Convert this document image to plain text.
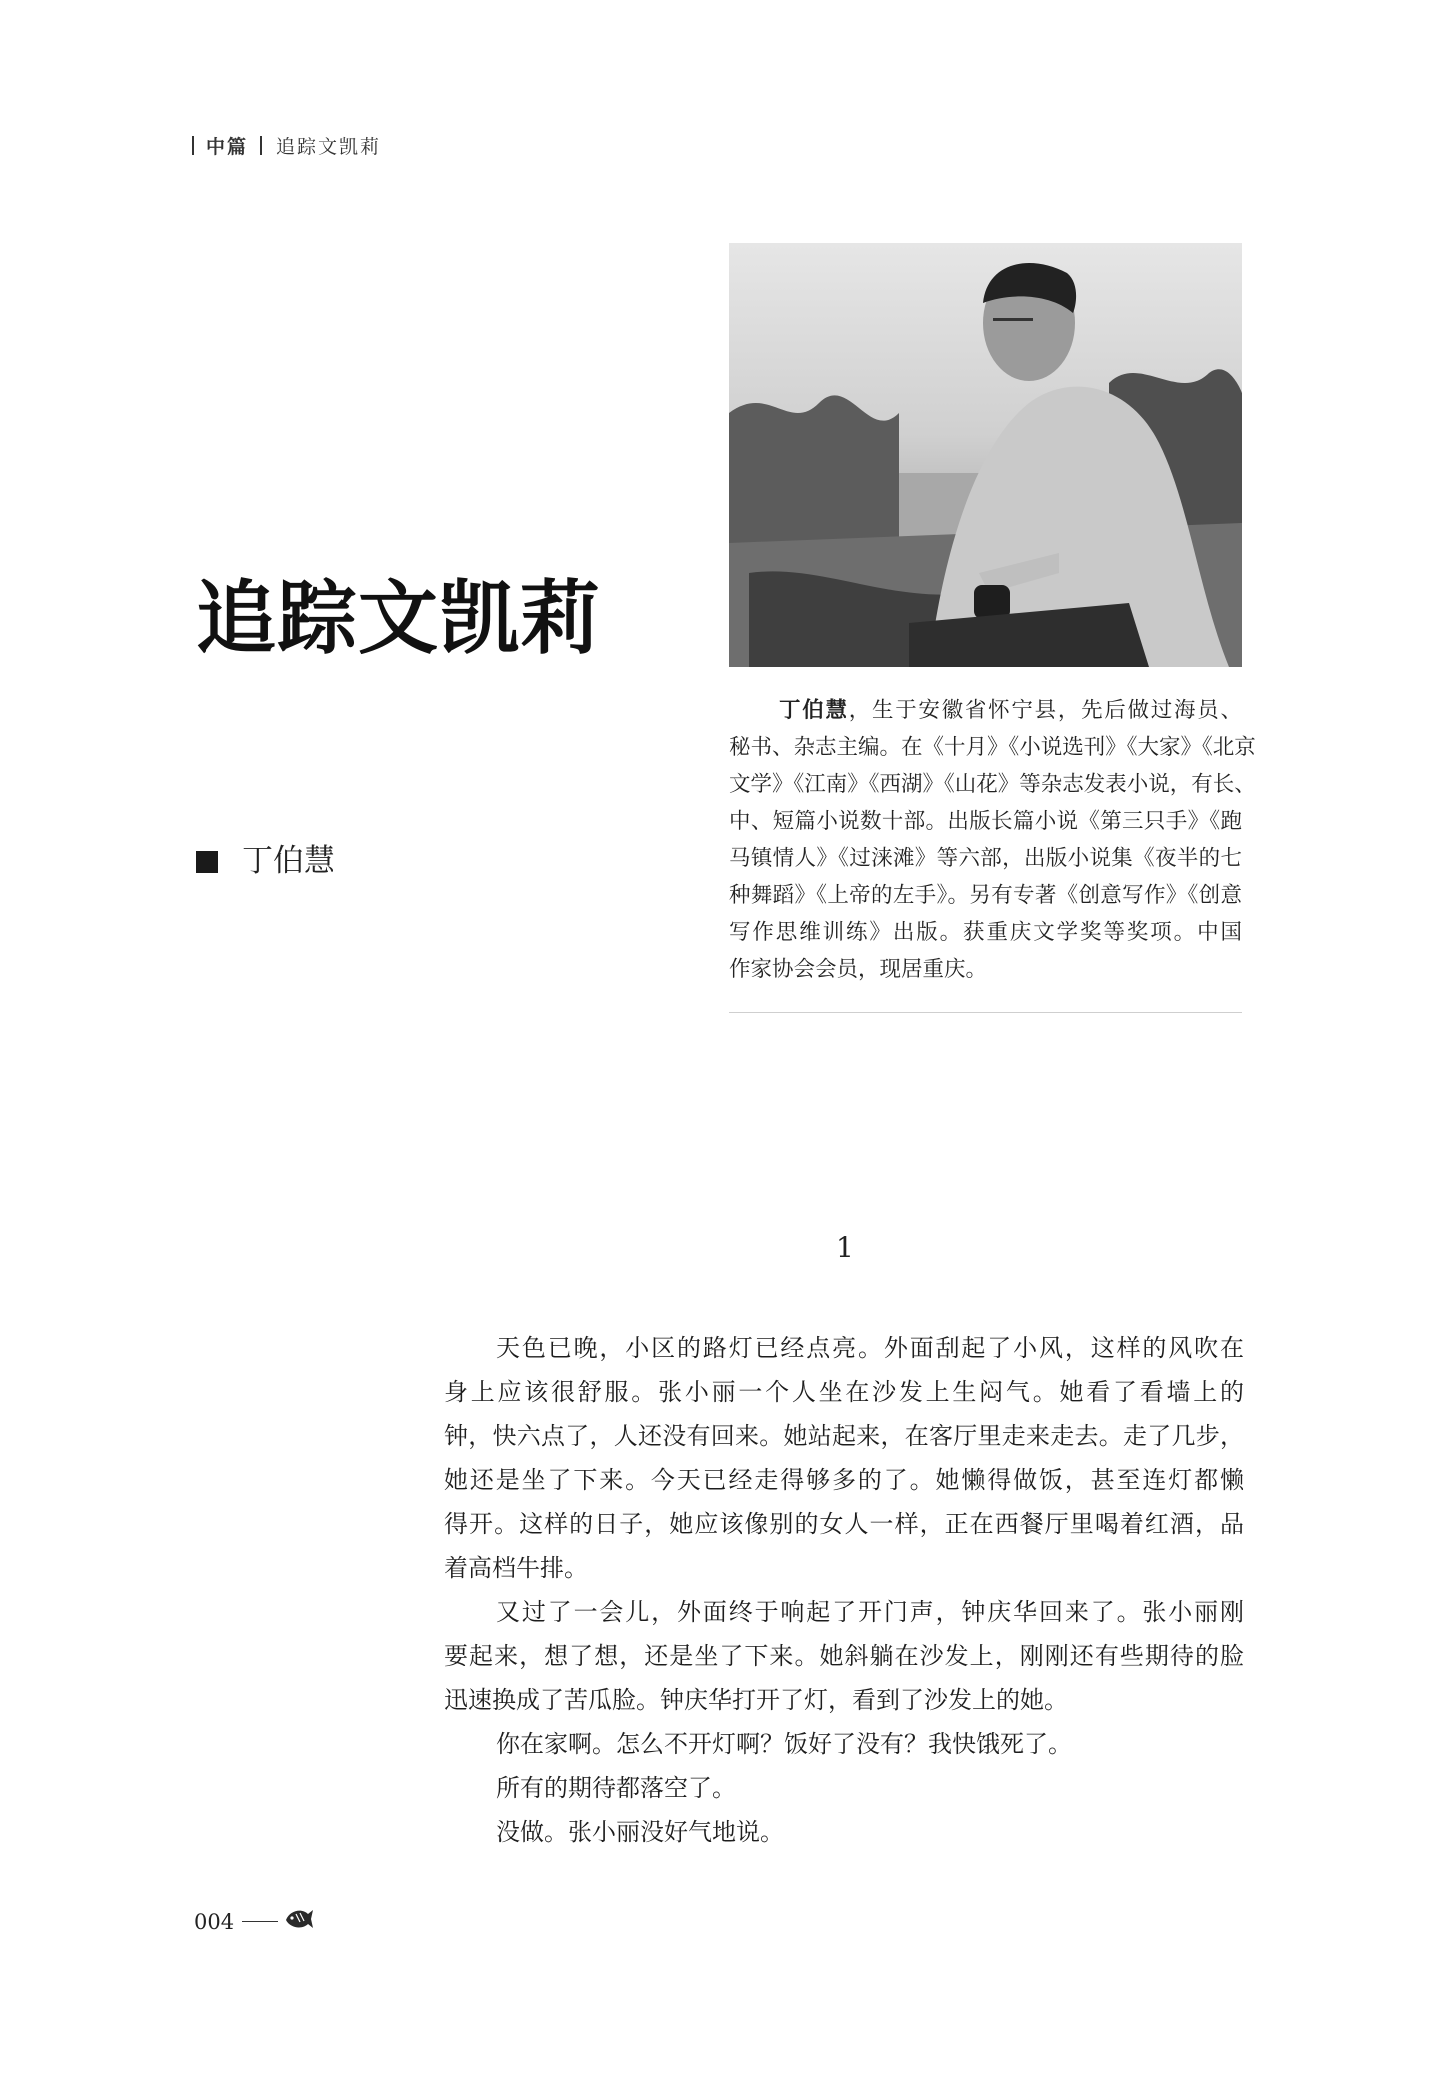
中篇 追踪文凯莉
追踪文凯莉
丁伯慧
丁伯慧，生于安徽省怀宁县，先后做过海员、
秘书、杂志主编。在《十月》《小说选刊》《大家》《北京
文学》《江南》《西湖》《山花》等杂志发表小说，有长、
中、短篇小说数十部。出版长篇小说《第三只手》《跑
马镇情人》《过涞滩》等六部，出版小说集《夜半的七
种舞蹈》《上帝的左手》。另有专著《创意写作》《创意
写作思维训练》出版。获重庆文学奖等奖项。中国
作家协会会员，现居重庆。
1
天色已晚，小区的路灯已经点亮。外面刮起了小风，这样的风吹在
身上应该很舒服。张小丽一个人坐在沙发上生闷气。她看了看墙上的
钟，快六点了，人还没有回来。她站起来，在客厅里走来走去。走了几步，
她还是坐了下来。今天已经走得够多的了。她懒得做饭，甚至连灯都懒
得开。这样的日子，她应该像别的女人一样，正在西餐厅里喝着红酒，品
着高档牛排。
又过了一会儿，外面终于响起了开门声，钟庆华回来了。张小丽刚
要起来，想了想，还是坐了下来。她斜躺在沙发上，刚刚还有些期待的脸
迅速换成了苦瓜脸。钟庆华打开了灯，看到了沙发上的她。
你在家啊。怎么不开灯啊？饭好了没有？我快饿死了。
所有的期待都落空了。
没做。张小丽没好气地说。
004
